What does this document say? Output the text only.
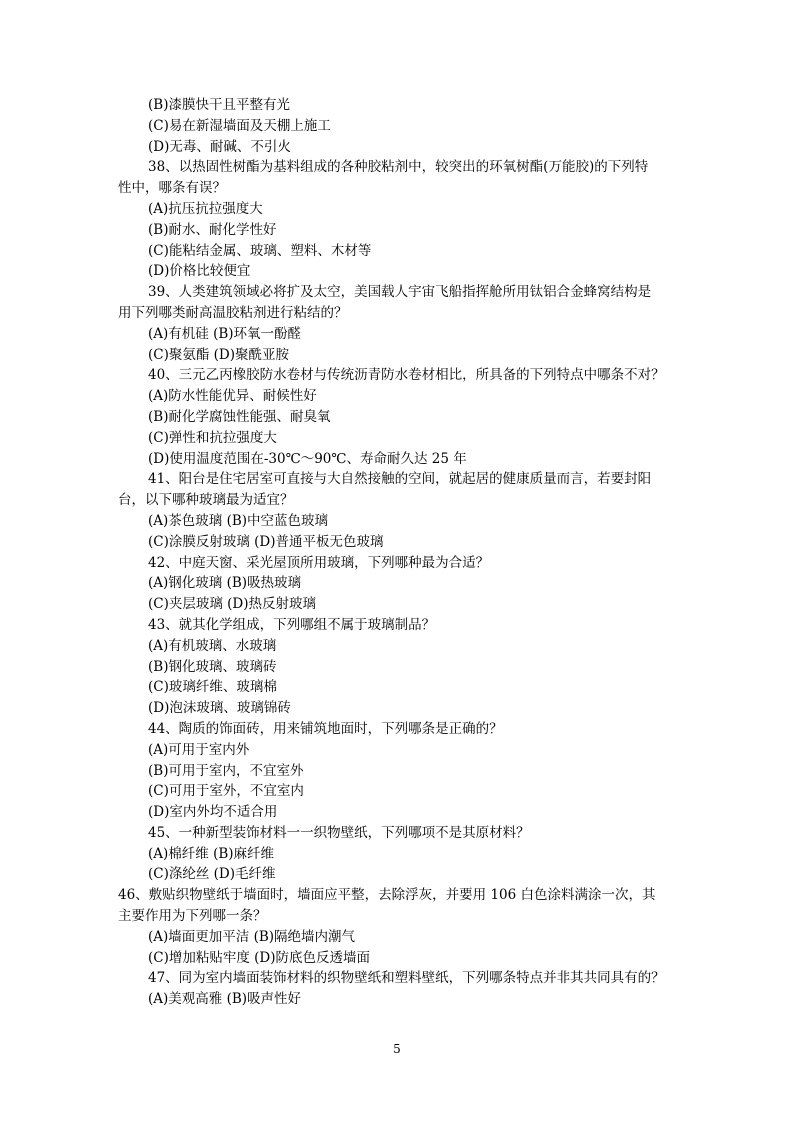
(B)漆膜快干且平整有光
(C)易在新湿墙面及天棚上施工
(D)无毒、耐碱、不引火
38、以热固性树酯为基料组成的各种胶粘剂中，较突出的环氧树酯(万能胶)的下列特
性中，哪条有误？
(A)抗压抗拉强度大
(B)耐水、耐化学性好
(C)能粘结金属、玻璃、塑料、木材等
(D)价格比较便宜
39、人类建筑领域必将扩及太空，美国载人宇宙飞船指挥舱所用钛铝合金蜂窝结构是
用下列哪类耐高温胶粘剂进行粘结的？
(A)有机硅 (B)环氧一酚醛
(C)聚氨酯 (D)聚酰亚胺
40、三元乙丙橡胶防水卷材与传统沥青防水卷材相比，所具备的下列特点中哪条不对？
(A)防水性能优异、耐候性好
(B)耐化学腐蚀性能强、耐臭氧
(C)弹性和抗拉强度大
(D)使用温度范围在-30℃～90℃、寿命耐久达 25 年
41、阳台是住宅居室可直接与大自然接触的空间，就起居的健康质量而言，若要封阳
台，以下哪种玻璃最为适宜？
(A)茶色玻璃 (B)中空蓝色玻璃
(C)涂膜反射玻璃 (D)普通平板无色玻璃
42、中庭天窗、采光屋顶所用玻璃，下列哪种最为合适？
(A)钢化玻璃 (B)吸热玻璃
(C)夹层玻璃 (D)热反射玻璃
43、就其化学组成，下列哪组不属于玻璃制品？
(A)有机玻璃、水玻璃
(B)钢化玻璃、玻璃砖
(C)玻璃纤维、玻璃棉
(D)泡沫玻璃、玻璃锦砖
44、陶质的饰面砖，用来铺筑地面时，下列哪条是正确的？
(A)可用于室内外
(B)可用于室内，不宜室外
(C)可用于室外，不宜室内
(D)室内外均不适合用
45、一种新型装饰材料一一织物壁纸，下列哪项不是其原材料？
(A)棉纤维 (B)麻纤维
(C)涤纶丝 (D)毛纤维
46、敷贴织物壁纸于墙面时，墙面应平整，去除浮灰，并要用 106 白色涂料满涂一次，其
主要作用为下列哪一条？
(A)墙面更加平洁 (B)隔绝墙内潮气
(C)增加粘贴牢度 (D)防底色反透墙面
47、同为室内墙面装饰材料的织物壁纸和塑料壁纸，下列哪条特点并非其共同具有的？
(A)美观高雅 (B)吸声性好
5
